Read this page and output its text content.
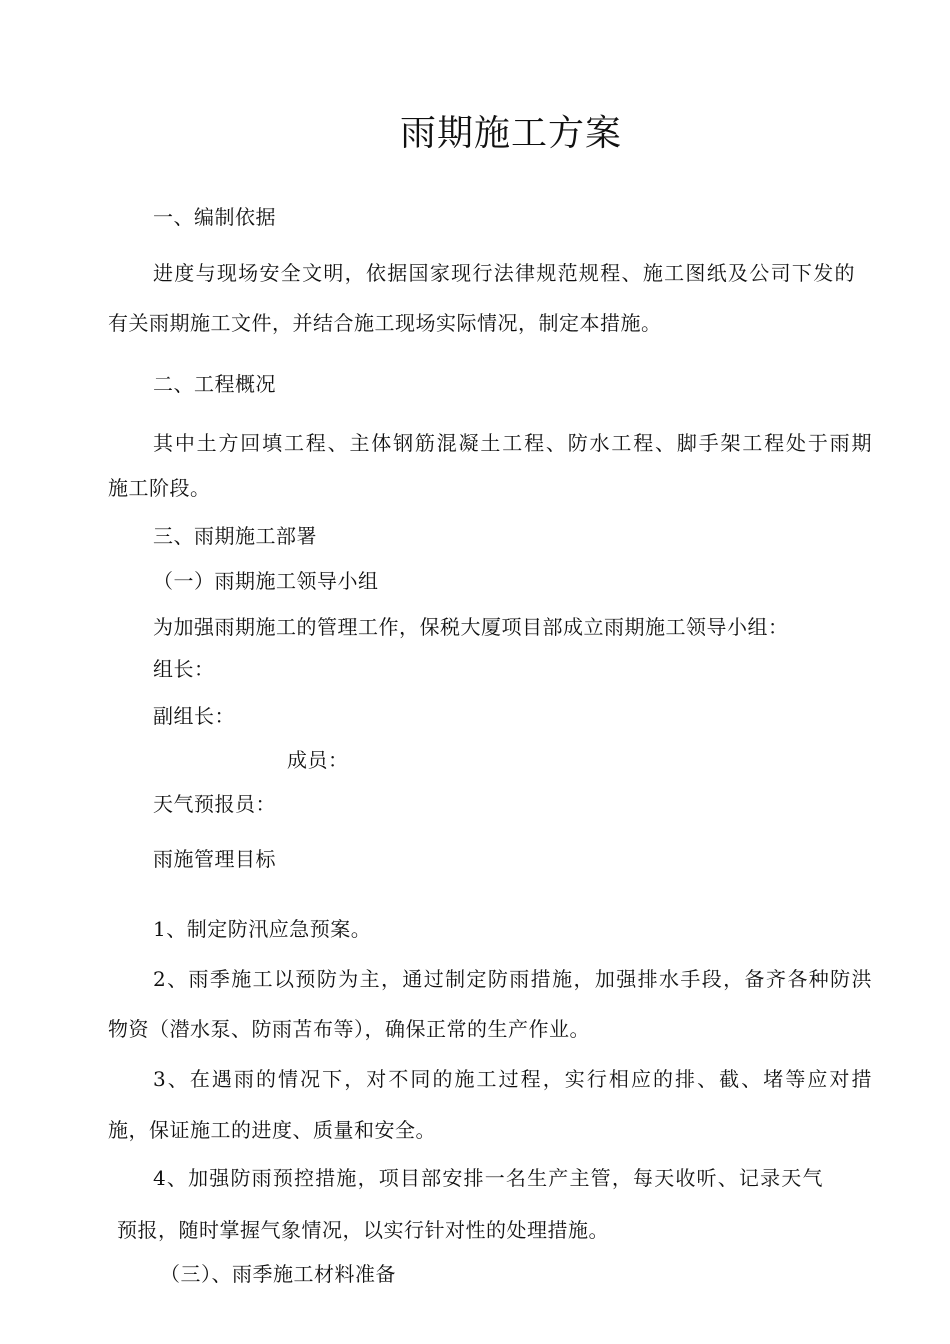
雨期施工方案
一、编制依据
进度与现场安全文明，依据国家现行法律规范规程、施工图纸及公司下发的
有关雨期施工文件，并结合施工现场实际情况，制定本措施。
二、工程概况
其中土方回填工程、主体钢筋混凝土工程、防水工程、脚手架工程处于雨期
施工阶段。
三、雨期施工部署
（一）雨期施工领导小组
为加强雨期施工的管理工作，保税大厦项目部成立雨期施工领导小组：
组长：
副组长：
成员：
天气预报员：
雨施管理目标
1、制定防汛应急预案。
2、雨季施工以预防为主，通过制定防雨措施，加强排水手段，备齐各种防洪
物资（潜水泵、防雨苫布等），确保正常的生产作业。
3、在遇雨的情况下，对不同的施工过程，实行相应的排、截、堵等应对措
施，保证施工的进度、质量和安全。
4、加强防雨预控措施，项目部安排一名生产主管，每天收听、记录天气
预报，随时掌握气象情况，以实行针对性的处理措施。
（三）、雨季施工材料准备
